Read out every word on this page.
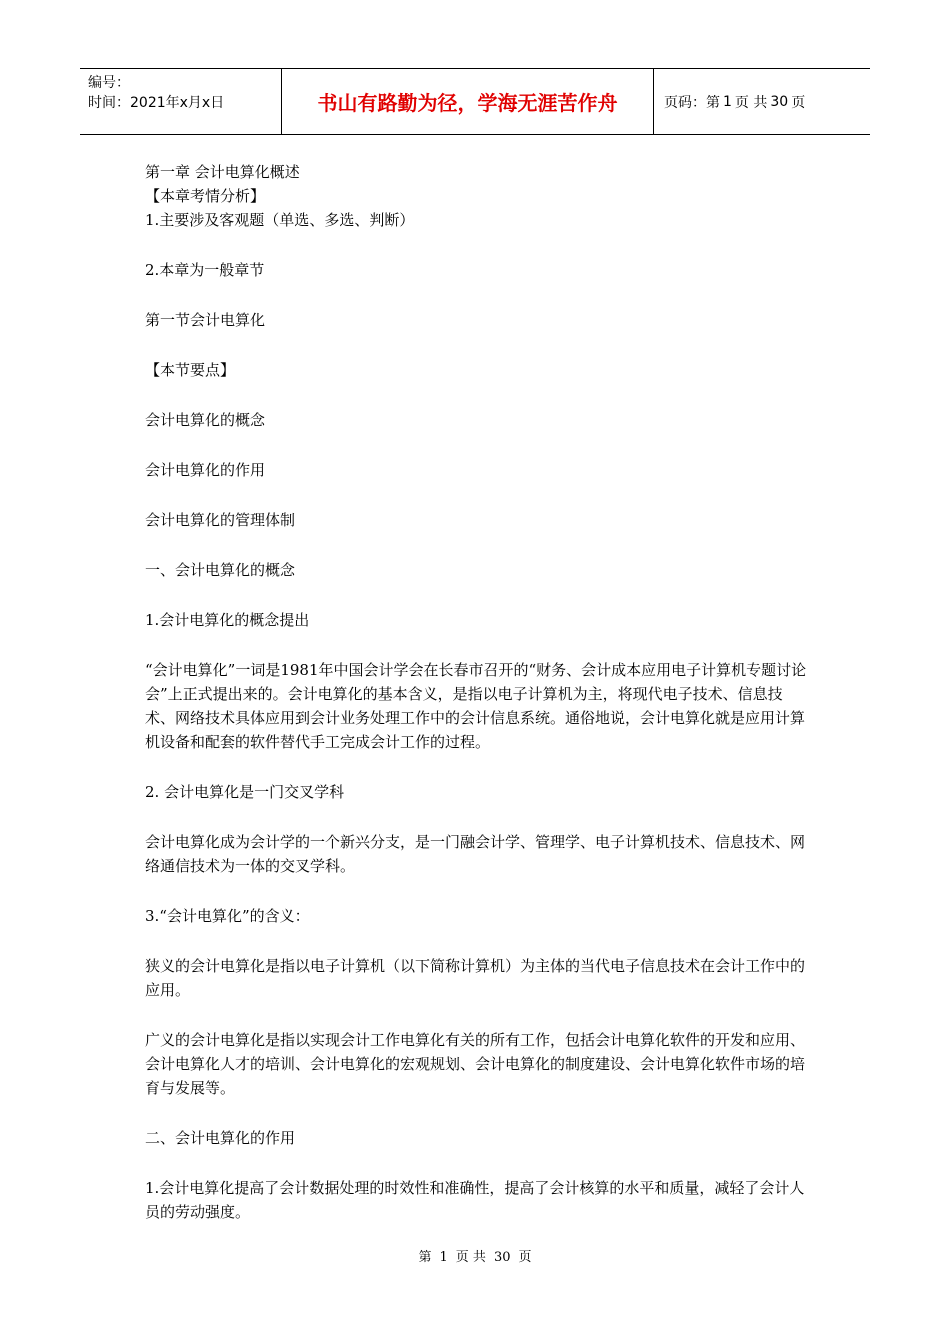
编号：
时间：2021年x月x日	书山有路勤为径，学海无涯苦作舟	页码：第 1 页 共 30 页

第一章 会计电算化概述

【本章考情分析】

1.主要涉及客观题（单选、多选、判断）

2.本章为一般章节

第一节会计电算化

【本节要点】

会计电算化的概念

会计电算化的作用

会计电算化的管理体制

一、会计电算化的概念

1.会计电算化的概念提出

“会计电算化”一词是1981年中国会计学会在长春市召开的“财务、会计成本应用电子计算机专题讨论会”上正式提出来的。会计电算化的基本含义，是指以电子计算机为主，将现代电子技术、信息技术、网络技术具体应用到会计业务处理工作中的会计信息系统。通俗地说，会计电算化就是应用计算机设备和配套的软件替代手工完成会计工作的过程。

2. 会计电算化是一门交叉学科

会计电算化成为会计学的一个新兴分支，是一门融会计学、管理学、电子计算机技术、信息技术、网络通信技术为一体的交叉学科。

3.“会计电算化”的含义：

狭义的会计电算化是指以电子计算机（以下简称计算机）为主体的当代电子信息技术在会计工作中的应用。

广义的会计电算化是指以实现会计工作电算化有关的所有工作，包括会计电算化软件的开发和应用、会计电算化人才的培训、会计电算化的宏观规划、会计电算化的制度建设、会计电算化软件市场的培育与发展等。

二、会计电算化的作用

1.会计电算化提高了会计数据处理的时效性和准确性，提高了会计核算的水平和质量，减轻了会计人员的劳动强度。

第 1 页 共 30 页
